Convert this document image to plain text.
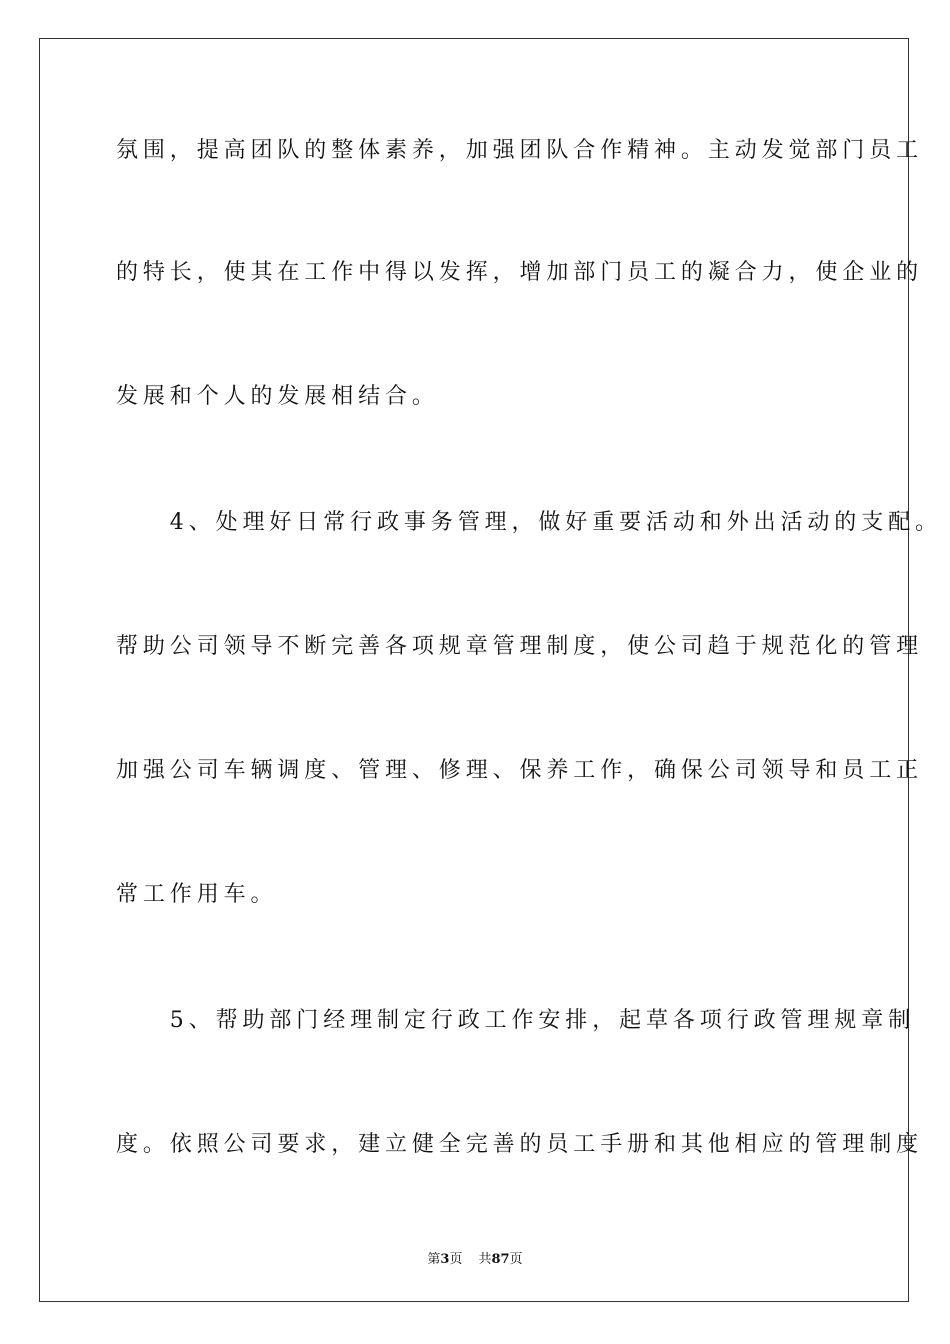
氛围，提高团队的整体素养，加强团队合作精神。主动发觉部门员工
的特长，使其在工作中得以发挥，增加部门员工的凝合力，使企业的
发展和个人的发展相结合。
　　4、处理好日常行政事务管理，做好重要活动和外出活动的支配。
帮助公司领导不断完善各项规章管理制度，使公司趋于规范化的管理
加强公司车辆调度、管理、修理、保养工作，确保公司领导和员工正
常工作用车。
　　5、帮助部门经理制定行政工作安排，起草各项行政管理规章制
度。依照公司要求，建立健全完善的员工手册和其他相应的管理制度
第3页 共87页
